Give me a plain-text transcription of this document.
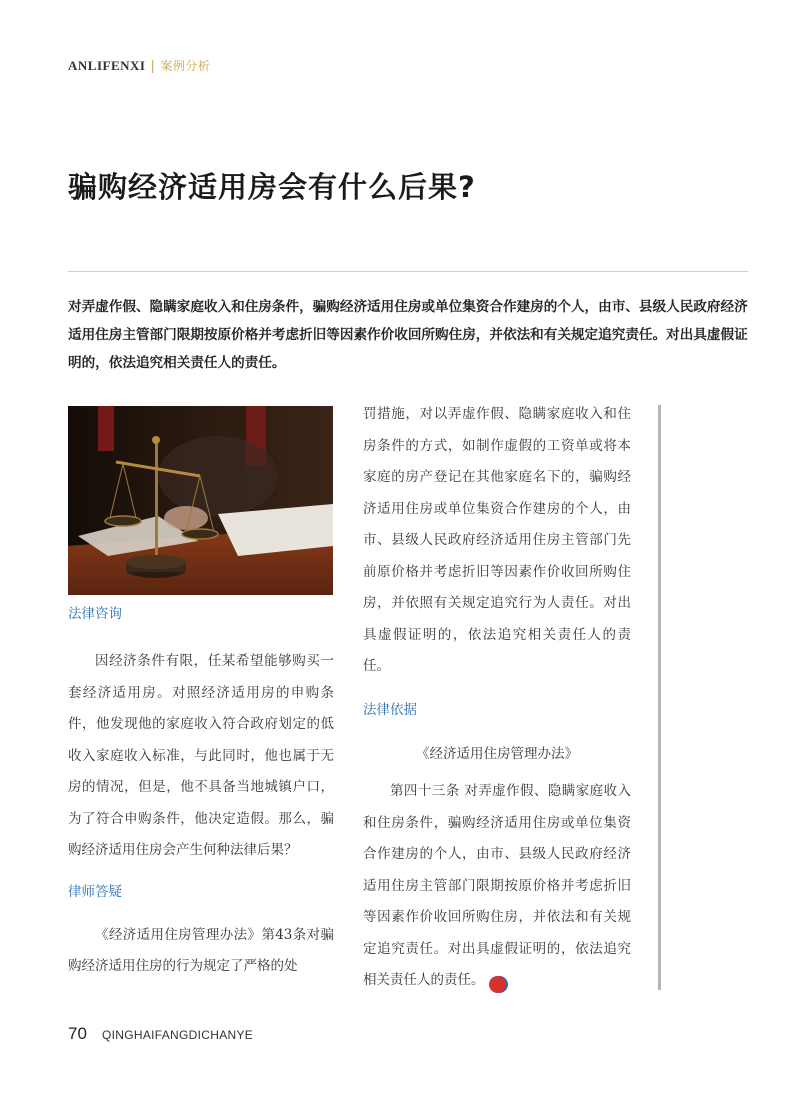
ANLIFENXI | 案例分析
骗购经济适用房会有什么后果?

对弄虚作假、隐瞒家庭收入和住房条件，骗购经济适用住房或单位集资合作建房的个人，由市、县级人民政府经济适用住房主管部门限期按原价格并考虑折旧等因素作价收回所购住房，并依法和有关规定追究责任。对出具虚假证明的，依法追究相关责任人的责任。

法律咨询

因经济条件有限，任某希望能够购买一套经济适用房。对照经济适用房的申购条件，他发现他的家庭收入符合政府划定的低收入家庭收入标准，与此同时，他也属于无房的情况，但是，他不具备当地城镇户口，为了符合申购条件，他决定造假。那么，骗购经济适用住房会产生何种法律后果？

律师答疑

《经济适用住房管理办法》第43条对骗购经济适用住房的行为规定了严格的处

罚措施，对以弄虚作假、隐瞒家庭收入和住房条件的方式，如制作虚假的工资单或将本家庭的房产登记在其他家庭名下的，骗购经济适用住房或单位集资合作建房的个人，由市、县级人民政府经济适用住房主管部门先前原价格并考虑折旧等因素作价收回所购住房，并依照有关规定追究行为人责任。对出具虚假证明的，依法追究相关责任人的责任。

法律依据

《经济适用住房管理办法》

第四十三条 对弄虚作假、隐瞒家庭收入和住房条件，骗购经济适用住房或单位集资合作建房的个人，由市、县级人民政府经济适用住房主管部门限期按原价格并考虑折旧等因素作价收回所购住房，并依法和有关规定追究责任。对出具虚假证明的，依法追究相关责任人的责任。	L

70 QINGHAIFANGDICHANYE
